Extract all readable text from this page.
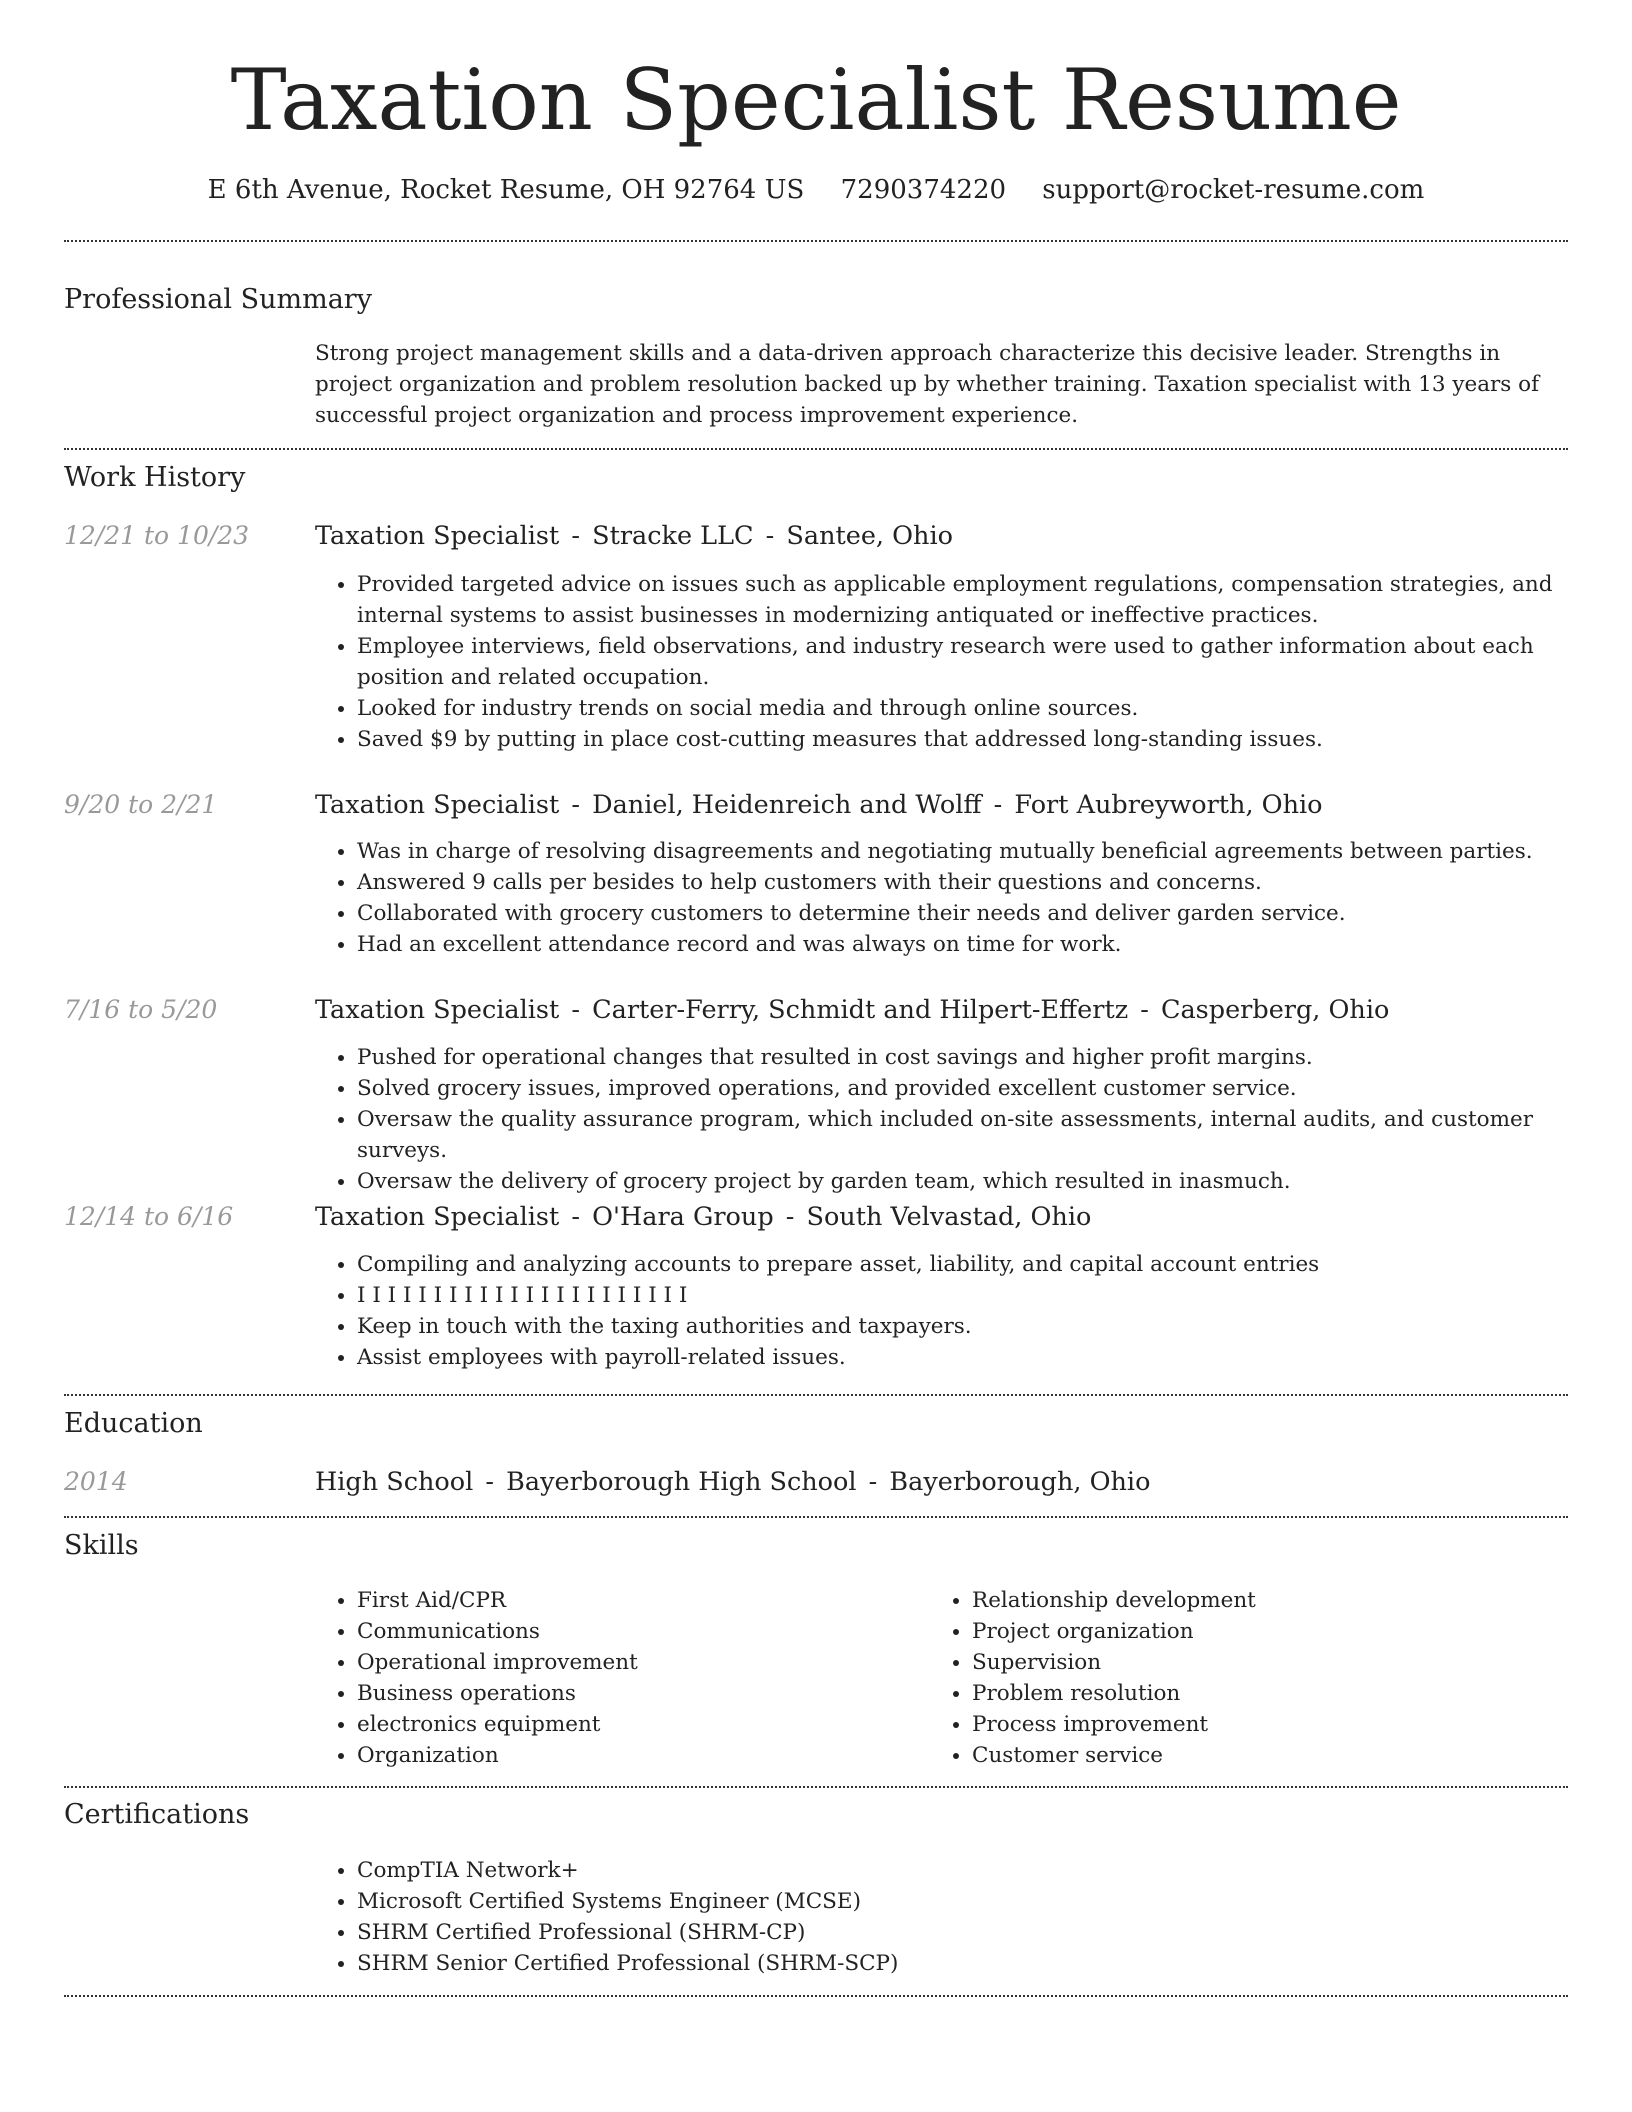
Taxation Specialist Resume
E 6th Avenue, Rocket Resume, OH 92764 US 7290374220 support@rocket-resume.com
Professional Summary

Strong project management skills and a data-driven approach characterize this decisive leader. Strengths in project organization and problem resolution backed up by whether training. Taxation specialist with 13 years of successful project organization and process improvement experience.

Work History
12/21 to 10/23	Taxation Specialist - Stracke LLC - Santee, Ohio
• Provided targeted advice on issues such as applicable employment regulations, compensation strategies, and internal systems to assist businesses in modernizing antiquated or ineffective practices.
• Employee interviews, field observations, and industry research were used to gather information about each position and related occupation.
• Looked for industry trends on social media and through online sources.
• Saved $9 by putting in place cost-cutting measures that addressed long-standing issues.
9/20 to 2/21	Taxation Specialist - Daniel, Heidenreich and Wolff - Fort Aubreyworth, Ohio
• Was in charge of resolving disagreements and negotiating mutually beneficial agreements between parties.
• Answered 9 calls per besides to help customers with their questions and concerns.
• Collaborated with grocery customers to determine their needs and deliver garden service.
• Had an excellent attendance record and was always on time for work.
7/16 to 5/20	Taxation Specialist - Carter-Ferry, Schmidt and Hilpert-Effertz - Casperberg, Ohio
• Pushed for operational changes that resulted in cost savings and higher profit margins.
• Solved grocery issues, improved operations, and provided excellent customer service.
• Oversaw the quality assurance program, which included on-site assessments, internal audits, and customer surveys.
• Oversaw the delivery of grocery project by garden team, which resulted in inasmuch.
12/14 to 6/16	Taxation Specialist - O'Hara Group - South Velvastad, Ohio
• Compiling and analyzing accounts to prepare asset, liability, and capital account entries
• I I I I I I I I I I I I I I I I I I I I I I
• Keep in touch with the taxing authorities and taxpayers.
• Assist employees with payroll-related issues.
Education
2014	High School - Bayerborough High School - Bayerborough, Ohio
Skills
• First Aid/CPR
• Communications
• Operational improvement
• Business operations
• electronics equipment
• Organization
• Relationship development
• Project organization
• Supervision
• Problem resolution
• Process improvement
• Customer service
Certifications
• CompTIA Network+
• Microsoft Certified Systems Engineer (MCSE)
• SHRM Certified Professional (SHRM-CP)
• SHRM Senior Certified Professional (SHRM-SCP)
